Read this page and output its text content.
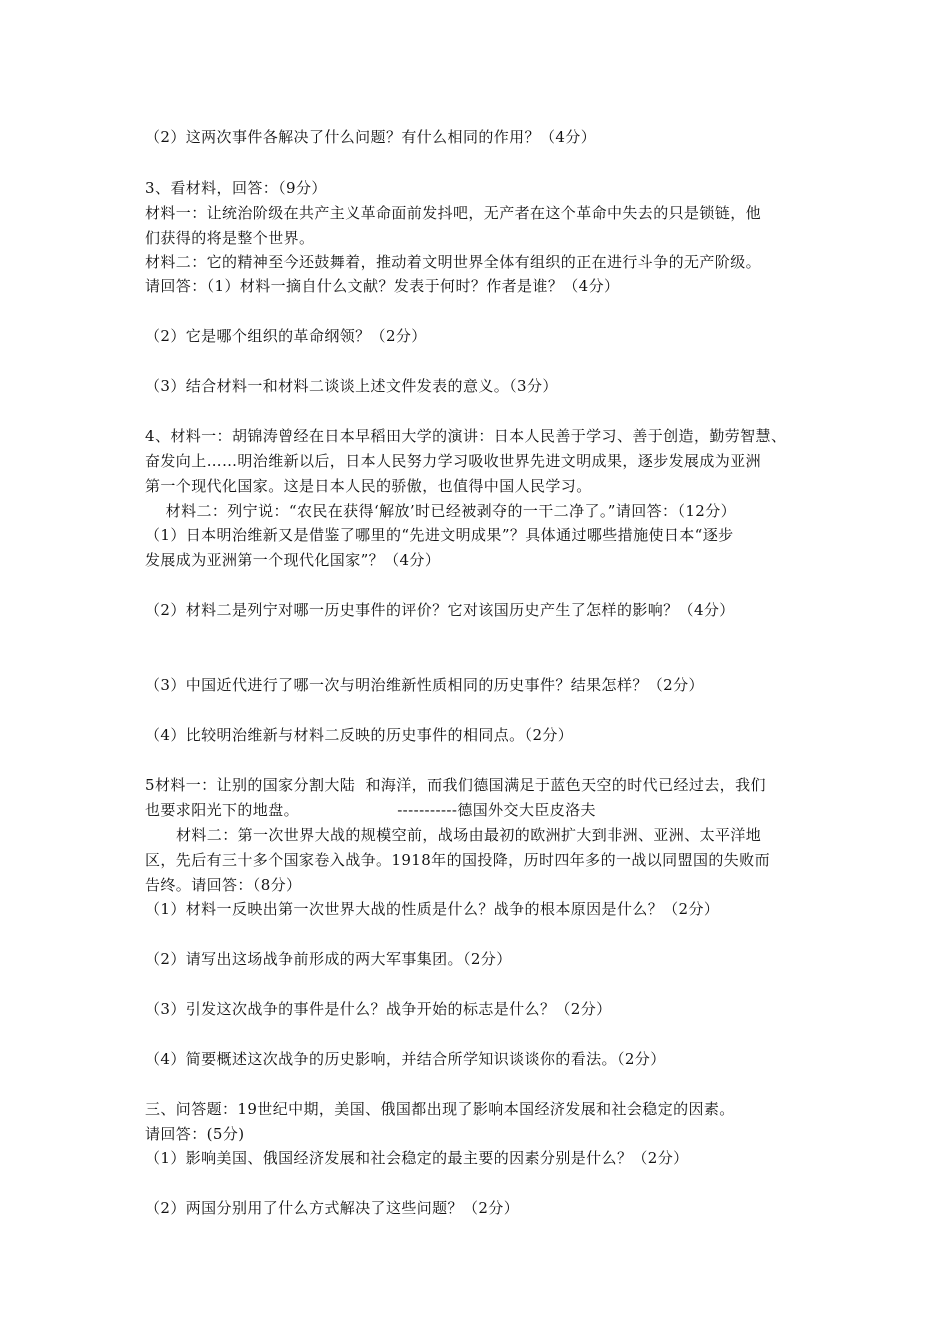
（2）这两次事件各解决了什么问题？有什么相同的作用？（4分）
3、看材料，回答：（9分）
材料一：让统治阶级在共产主义革命面前发抖吧，无产者在这个革命中失去的只是锁链，他
们获得的将是整个世界。
材料二：它的精神至今还鼓舞着，推动着文明世界全体有组织的正在进行斗争的无产阶级。
请回答：（1）材料一摘自什么文献？发表于何时？作者是谁？（4分）
（2）它是哪个组织的革命纲领？（2分）
（3）结合材料一和材料二谈谈上述文件发表的意义。（3分）
4、材料一：胡锦涛曾经在日本早稻田大学的演讲：日本人民善于学习、善于创造，勤劳智慧、
奋发向上……明治维新以后，日本人民努力学习吸收世界先进文明成果，逐步发展成为亚洲
第一个现代化国家。这是日本人民的骄傲，也值得中国人民学习。
材料二：列宁说：“农民在获得‘解放’时已经被剥夺的一干二净了。”请回答：（12分）
（1）日本明治维新又是借鉴了哪里的“先进文明成果”？具体通过哪些措施使日本“逐步
发展成为亚洲第一个现代化国家”？（4分）
（2）材料二是列宁对哪一历史事件的评价？它对该国历史产生了怎样的影响？（4分）
（3）中国近代进行了哪一次与明治维新性质相同的历史事件？结果怎样？（2分）
（4）比较明治维新与材料二反映的历史事件的相同点。（2分）
5材料一：让别的国家分割大陆  和海洋，而我们德国满足于蓝色天空的时代已经过去，我们
也要求阳光下的地盘。                   -----------德国外交大臣皮洛夫
材料二：第一次世界大战的规模空前，战场由最初的欧洲扩大到非洲、亚洲、太平洋地
区，先后有三十多个国家卷入战争。1918年的国投降，历时四年多的一战以同盟国的失败而
告终。请回答：（8分）
（1）材料一反映出第一次世界大战的性质是什么？战争的根本原因是什么？（2分）
（2）请写出这场战争前形成的两大军事集团。（2分）
（3）引发这次战争的事件是什么？战争开始的标志是什么？（2分）
（4）简要概述这次战争的历史影响，并结合所学知识谈谈你的看法。（2分）
三、问答题：19世纪中期，美国、俄国都出现了影响本国经济发展和社会稳定的因素。
请回答：(5分)
（1）影响美国、俄国经济发展和社会稳定的最主要的因素分别是什么？（2分）
（2）两国分别用了什么方式解决了这些问题？（2分）
